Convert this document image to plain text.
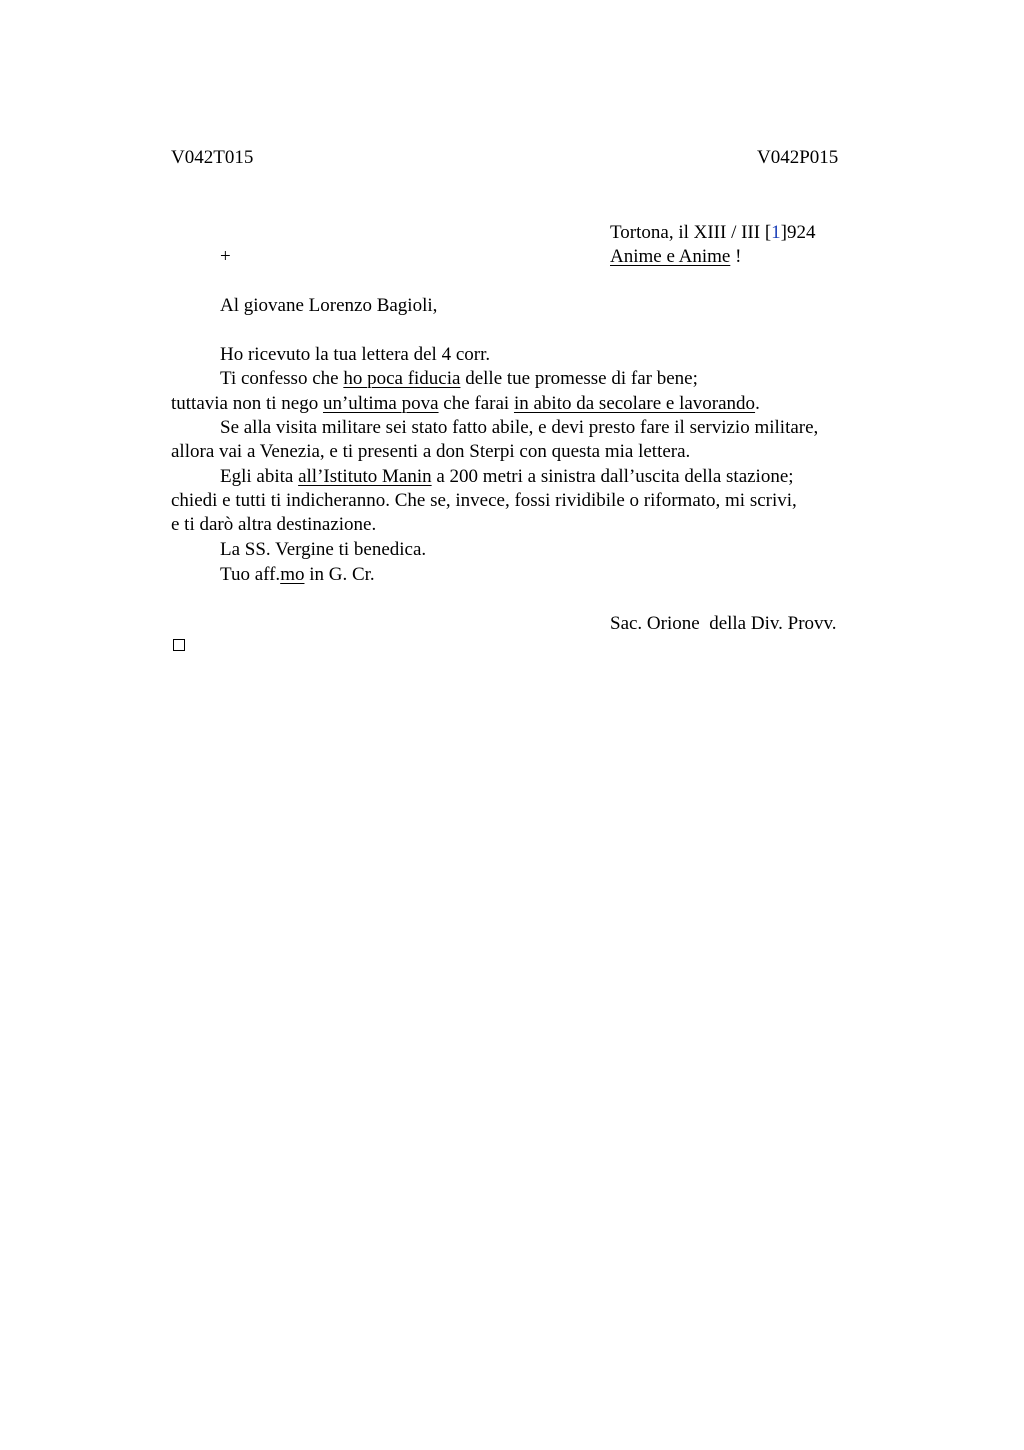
V042T015	V042P015
Tortona, il XIII / III [1]924
+	Anime e Anime !
Al giovane Lorenzo Bagioli,
Ho ricevuto la tua lettera del 4 corr.
Ti confesso che ho poca fiducia delle tue promesse di far bene;
tuttavia non ti nego un’ultima pova che farai in abito da secolare e lavorando.
Se alla visita militare sei stato fatto abile, e devi presto fare il servizio militare,
allora vai a Venezia, e ti presenti a don Sterpi con questa mia lettera.
Egli abita all’Istituto Manin a 200 metri a sinistra dall’uscita della stazione;
chiedi e tutti ti indicheranno. Che se, invece, fossi rividibile o riformato, mi scrivi,
e ti darò altra destinazione.
La SS. Vergine ti benedica.
Tuo aff.mo in G. Cr.
Sac. Orione  della Div. Provv.
